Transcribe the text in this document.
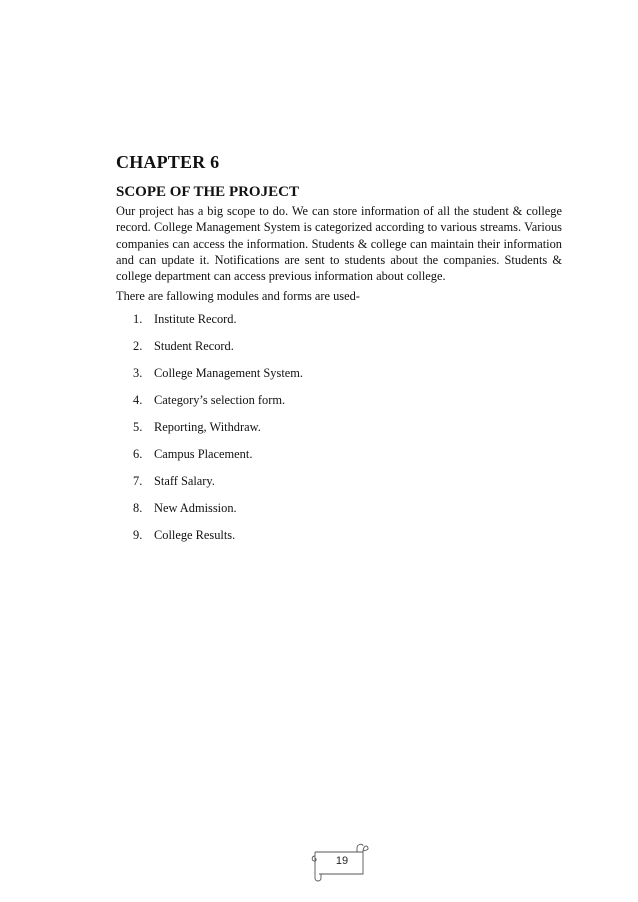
CHAPTER 6
SCOPE OF THE PROJECT

Our project has a big scope to do. We can store information of all the student & college record. College Management System is categorized according to various streams. Various companies can access the information. Students & college can maintain their information and can update it. Notifications are sent to students about the companies. Students & college department can access previous information about college.

There are fallowing modules and forms are used-

1. Institute Record.
2. Student Record.
3. College Management System.
4. Category’s selection form.
5. Reporting, Withdraw.
6. Campus Placement.
7. Staff Salary.
8. New Admission.
9. College Results.
19
